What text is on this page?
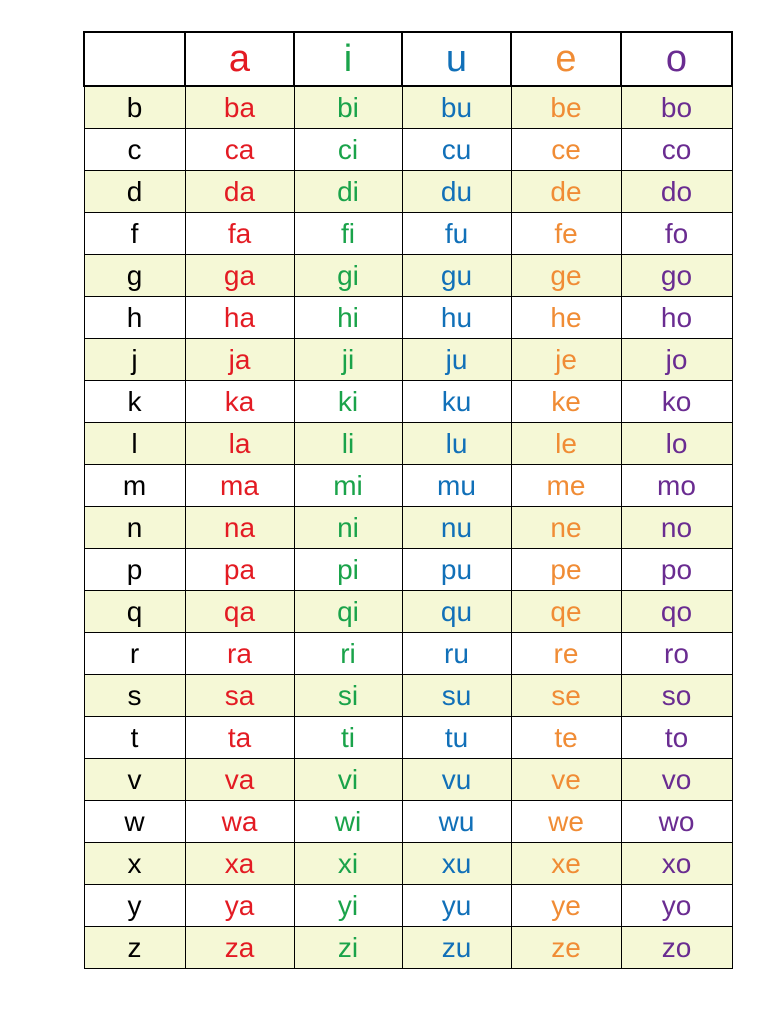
	a	i	u	e	o
b	ba	bi	bu	be	bo
c	ca	ci	cu	ce	co
d	da	di	du	de	do
f	fa	fi	fu	fe	fo
g	ga	gi	gu	ge	go
h	ha	hi	hu	he	ho
j	ja	ji	ju	je	jo
k	ka	ki	ku	ke	ko
l	la	li	lu	le	lo
m	ma	mi	mu	me	mo
n	na	ni	nu	ne	no
p	pa	pi	pu	pe	po
q	qa	qi	qu	qe	qo
r	ra	ri	ru	re	ro
s	sa	si	su	se	so
t	ta	ti	tu	te	to
v	va	vi	vu	ve	vo
w	wa	wi	wu	we	wo
x	xa	xi	xu	xe	xo
y	ya	yi	yu	ye	yo
z	za	zi	zu	ze	zo
